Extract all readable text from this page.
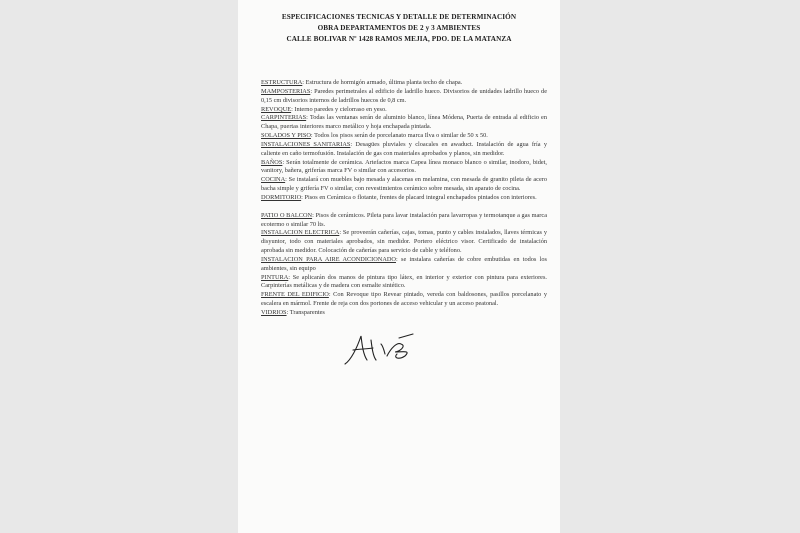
ESPECIFICACIONES TECNICAS Y DETALLE DE DETERMINACIÓN
OBRA DEPARTAMENTOS DE 2 y 3 AMBIENTES
CALLE BOLIVAR Nº 1428 RAMOS MEJIA, PDO. DE LA MATANZA

ESTRUCTURA: Estructura de hormigón armado, última planta techo de chapa.

MAMPOSTERIAS: Paredes perimetrales al edificio de ladrillo hueco. Divisorios de unidades ladrillo hueco de 0,15 cm divisorios internos de ladrillos huecos de 0,8 cm.

REVOQUE: Interno paredes y cielorraso en yeso.

CARPINTERIAS: Todas las ventanas serán de aluminio blanco, línea Módena, Puerta de entrada al edificio en Chapa, puertas interiores marco metálico y hoja enchapada pintada.

SOLADOS Y PISO: Todos los pisos serán de porcelanato marca Ilva o similar de 50 x 50.

INSTALACIONES SANITARIAS: Desagües pluviales y cloacales en awaduct. Instalación de agua fría y caliente en caño termofusión. Instalación de gas con materiales aprobados y planos, sin medidor.

BAÑOS: Serán totalmente de cerámica. Artefactos marca Capea línea monaco blanco o similar, inodoro, bidet, vanitory, bañera, griferías marca FV o similar con accesorios.

COCINA: Se instalará con muebles bajo mesada y alacenas en melamina, con mesada de granito pileta de acero bacha simple y grifería FV o similar, con revestimientos cerámico sobre mesada, sin aparato de cocina.

DORMITORIO: Pisos en Cerámica o flotante, frentes de placard integral enchapados pintados con interiores.

PATIO O BALCON: Pisos de cerámicos. Pileta para lavar instalación para lavarropas y termotanque a gas marca ecotermo o similar 70 lts.

INSTALACION ELECTRICA: Se proveerán cañerías, cajas, tomas, punto y cables instalados, llaves térmicas y disyuntor, todo con materiales aprobados, sin medidor. Portero eléctrico visor. Certificado de instalación aprobada sin medidor. Colocación de cañerías para servicio de cable y teléfono.

INSTALACION PARA AIRE ACONDICIONADO: se instalara cañerías de cobre embutidas en todos los ambientes, sin equipo

PINTURA: Se aplicarán dos manos de pintura tipo látex, en interior y exterior con pintura para exteriores. Carpinterías metálicas y de madera con esmalte sintético.

FRENTE DEL EDIFICIO: Con Revoque tipo Revear pintado, vereda con baldosones, pasillos porcelanato y escalera en mármol. Frente de reja con dos portones de acceso vehicular y un acceso peatonal.

VIDRIOS: Transparentes
